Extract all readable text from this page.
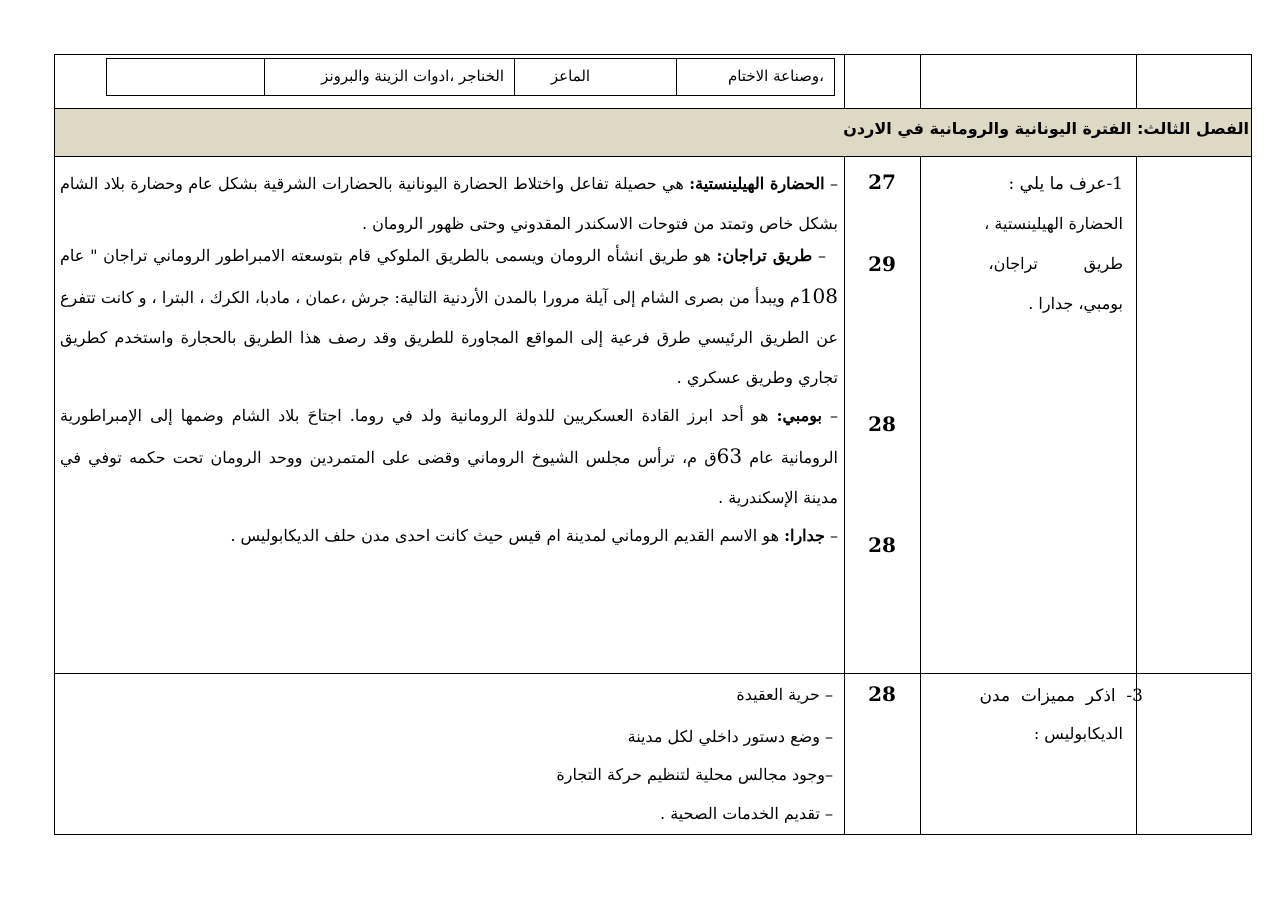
،وصناعة الاختام
الماعز
الخناجر ،ادوات الزينة والبرونز
الفصل الثالث: الفترة اليونانية والرومانية في الاردن
1-عرف ما يلي :
الحضارة الهيلينستية ،
طريق         تراجان،
بومبي، جدارا .
27
29
28
28
– الحضارة الهيلينستية: هي حصيلة تفاعل واختلاط الحضارة اليونانية بالحضارات الشرقية بشكل عام وحضارة بلاد الشام بشكل خاص وتمتد من فتوحات الاسكندر المقدوني وحتى ظهور الرومان .
– طريق تراجان: هو طريق انشأه الرومان ويسمى بالطريق الملوكي قام بتوسعته الامبراطور الروماني تراجان " عام 108م ويبدأ من بصرى الشام إلى آيلة مرورا بالمدن الأردنية التالية: جرش ،عمان ، مادبا، الكرك ، البترا ، و كانت تتفرع عن الطريق الرئيسي طرق فرعية إلى المواقع المجاورة للطريق وقد رصف هذا الطريق بالحجارة واستخدم كطريق تجاري وطريق عسكري .
– بومبي: هو أحد ابرز القادة العسكريين للدولة الرومانية ولد في روما. اجتاحَ بلاد الشام وضمها إلى الإمبراطورية الرومانية عام 63ق م، ترأس مجلس الشيوخ الروماني وقضى على المتمردين ووحد الرومان تحت حكمه توفي في مدينة الإسكندرية .
– جدارا: هو الاسم القديم الروماني لمدينة ام قيس حيث كانت احدى مدن حلف الديكابوليس .
3-  اذكر  مميزات  مدن
الديكابوليس :
28
– حرية العقيدة
– وضع دستور داخلي لكل مدينة
–وجود مجالس محلية لتنظيم حركة التجارة
– تقديم الخدمات الصحية .
